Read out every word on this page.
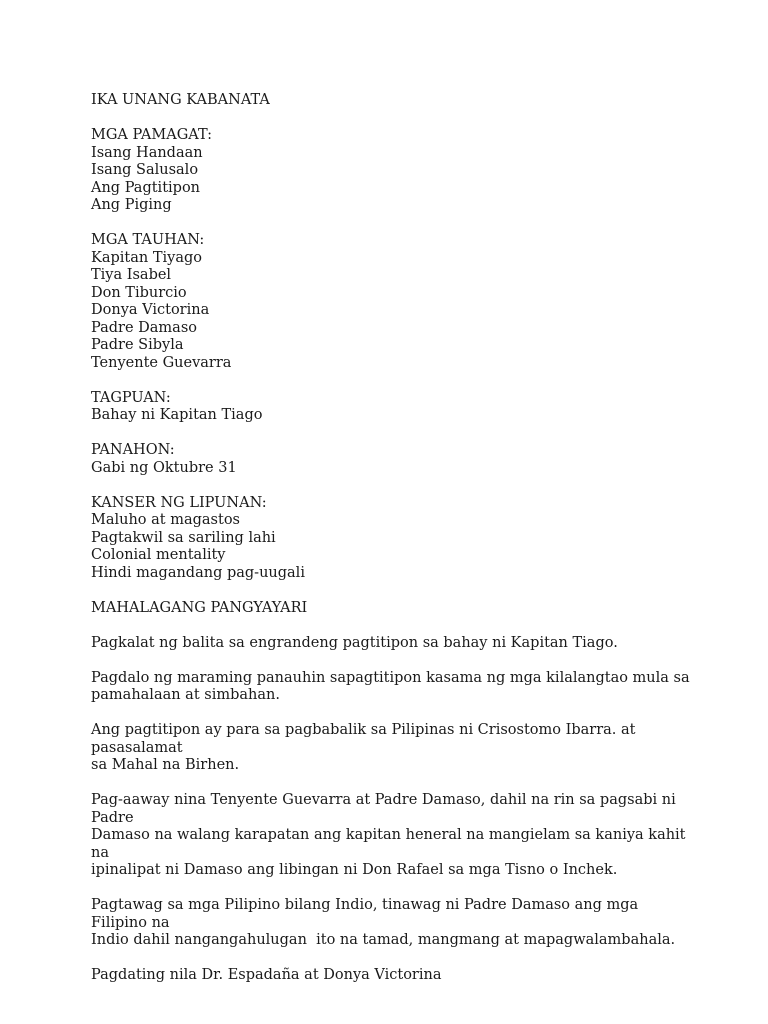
IKA UNANG KABANATA
MGA PAMAGAT:
Isang Handaan
Isang Salusalo
Ang Pagtitipon
Ang Piging
MGA TAUHAN:
Kapitan Tiyago
Tiya Isabel
Don Tiburcio
Donya Victorina
Padre Damaso
Padre Sibyla
Tenyente Guevarra
TAGPUAN:
Bahay ni Kapitan Tiago
PANAHON:
Gabi ng Oktubre 31
KANSER NG LIPUNAN:
Maluho at magastos
Pagtakwil sa sariling lahi
Colonial mentality
Hindi magandang pag-uugali
MAHALAGANG PANGYAYARI
Pagkalat ng balita sa engrandeng pagtitipon sa bahay ni Kapitan Tiago.
Pagdalo ng maraming panauhin sapagtitipon kasama ng mga kilalangtao mula sa
pamahalaan at simbahan.
Ang pagtitipon ay para sa pagbabalik sa Pilipinas ni Crisostomo Ibarra. at pasasalamat
sa Mahal na Birhen.
Pag-aaway nina Tenyente Guevarra at Padre Damaso, dahil na rin sa pagsabi ni Padre
Damaso na walang karapatan ang kapitan heneral na mangielam sa kaniya kahit na
ipinalipat ni Damaso ang libingan ni Don Rafael sa mga Tisno o Inchek.
Pagtawag sa mga Pilipino bilang Indio, tinawag ni Padre Damaso ang mga Filipino na
Indio dahil nangangahulugan  ito na tamad, mangmang at mapagwalambahala.
Pagdating nila Dr. Espadaña at Donya Victorina
